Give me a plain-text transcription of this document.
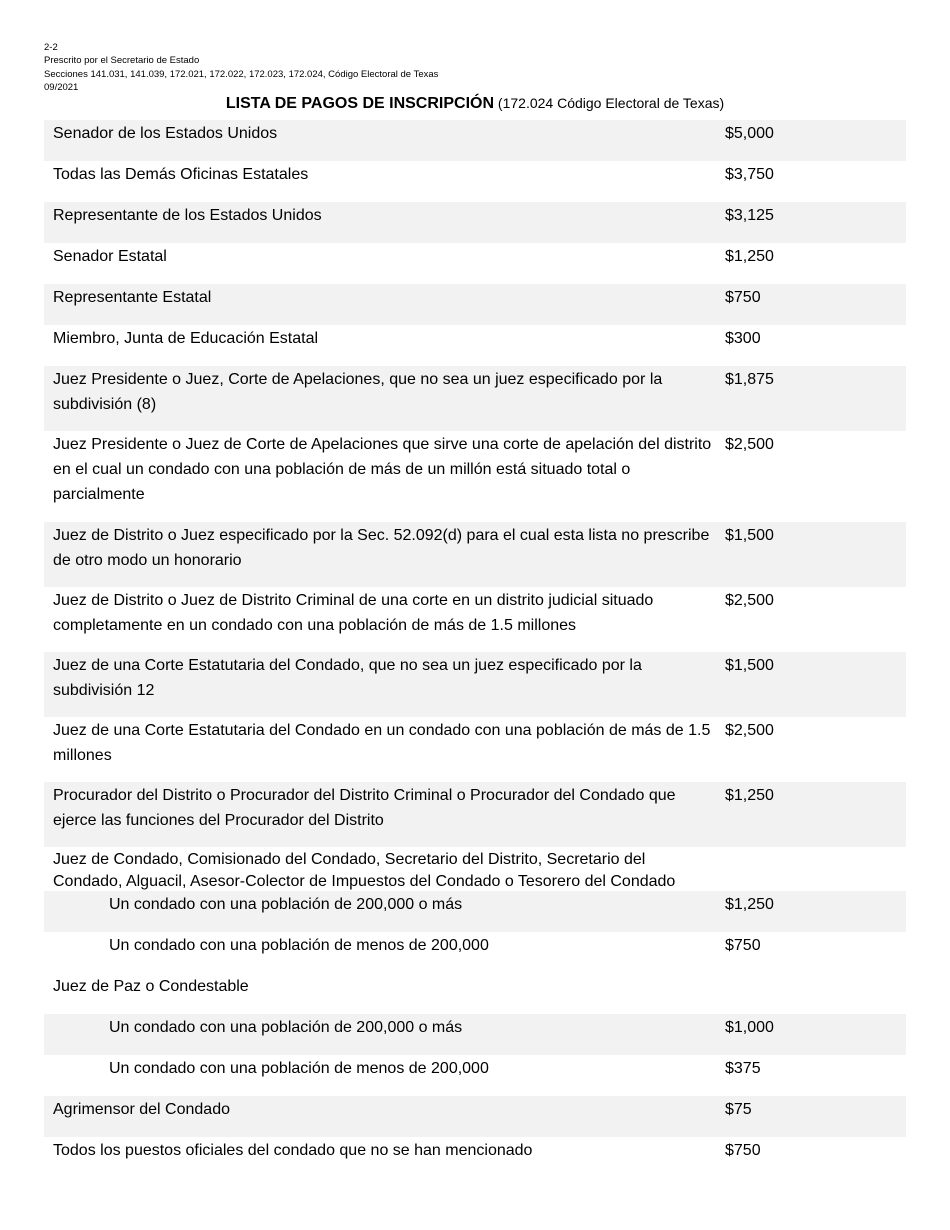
2-2
Prescrito por el Secretario de Estado
Secciones 141.031, 141.039, 172.021, 172.022, 172.023, 172.024, Código Electoral de Texas
09/2021
LISTA DE PAGOS DE INSCRIPCIÓN (172.024 Código Electoral de Texas)
Senador de los Estados Unidos	$5,000
Todas las Demás Oficinas Estatales	$3,750
Representante de los Estados Unidos	$3,125
Senador Estatal	$1,250
Representante Estatal	$750
Miembro, Junta de Educación Estatal	$300
Juez Presidente o Juez, Corte de Apelaciones, que no sea un juez especificado por la subdivisión (8)
$1,875
Juez Presidente o Juez de Corte de Apelaciones que sirve una corte de apelación del distrito en el cual un condado con una población de más de un millón está situado total o parcialmente
$2,500
Juez de Distrito o Juez especificado por la Sec. 52.092(d) para el cual esta lista no prescribe de otro modo un honorario
$1,500
Juez de Distrito o Juez de Distrito Criminal de una corte en un distrito judicial situado completamente en un condado con una población de más de 1.5 millones
$2,500
Juez de una Corte Estatutaria del Condado, que no sea un juez especificado por la subdivisión 12
$1,500
Juez de una Corte Estatutaria del Condado en un condado con una población de más de 1.5 millones
$2,500
Procurador del Distrito o Procurador del Distrito Criminal o Procurador del Condado que ejerce las funciones del Procurador del Distrito
$1,250
Juez de Condado, Comisionado del Condado, Secretario del Distrito, Secretario del Condado, Alguacil, Asesor-Colector de Impuestos del Condado o Tesorero del Condado
Un condado con una población de 200,000 o más	$1,250
Un condado con una población de menos de 200,000	$750
Juez de Paz o Condestable
Un condado con una población de 200,000 o más	$1,000
Un condado con una población de menos de 200,000	$375
Agrimensor del Condado	$75
Todos los puestos oficiales del condado que no se han mencionado	$750
